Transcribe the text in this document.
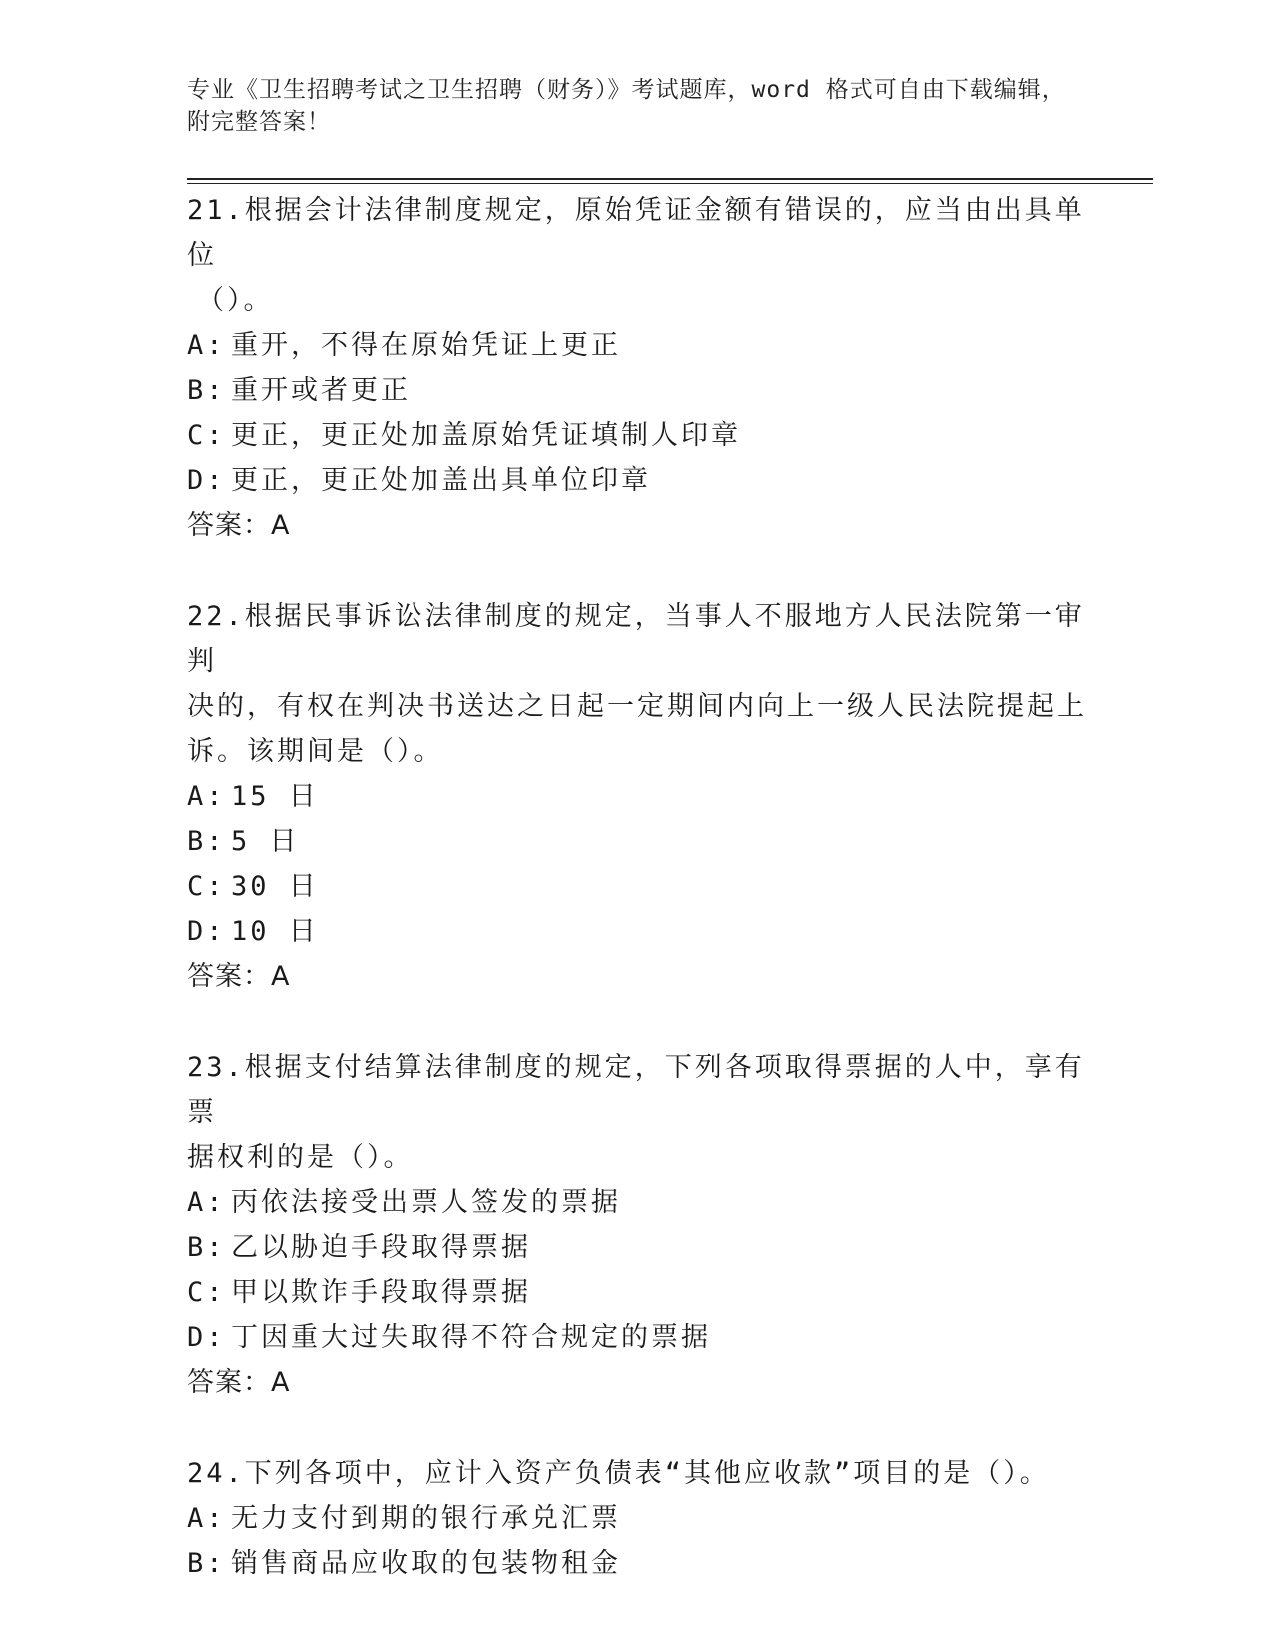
专业《卫生招聘考试之卫生招聘（财务）》考试题库，word 格式可自由下载编辑，附完整答案！

21.根据会计法律制度规定，原始凭证金额有错误的，应当由出具单位

（）。

A: 重开，不得在原始凭证上更正

B: 重开或者更正

C: 更正，更正处加盖原始凭证填制人印章

D: 更正，更正处加盖出具单位印章

答案：A

22.根据民事诉讼法律制度的规定，当事人不服地方人民法院第一审判

决的，有权在判决书送达之日起一定期间内向上一级人民法院提起上

诉。该期间是（）。

A: 15 日

B: 5 日

C: 30 日

D: 10 日

答案：A

23.根据支付结算法律制度的规定，下列各项取得票据的人中，享有票

据权利的是（）。

A: 丙依法接受出票人签发的票据

B: 乙以胁迫手段取得票据

C: 甲以欺诈手段取得票据

D: 丁因重大过失取得不符合规定的票据

答案：A

24.下列各项中，应计入资产负债表“其他应收款”项目的是（）。

A: 无力支付到期的银行承兑汇票

B: 销售商品应收取的包装物租金
